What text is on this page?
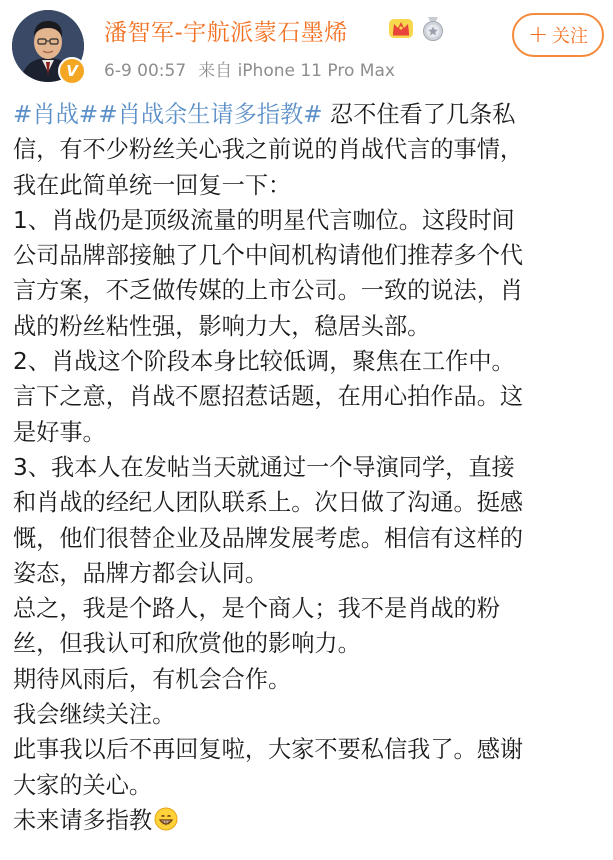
V
潘智军-宇航派蒙石墨烯
6-9 00:57 来自 iPhone 11 Pro Max
+ 关注
#肖战##肖战余生请多指教# 忍不住看了几条私
信，有不少粉丝关心我之前说的肖战代言的事情，
我在此简单统一回复一下：
1、肖战仍是顶级流量的明星代言咖位。这段时间
公司品牌部接触了几个中间机构请他们推荐多个代
言方案，不乏做传媒的上市公司。一致的说法，肖
战的粉丝粘性强，影响力大，稳居头部。
2、肖战这个阶段本身比较低调，聚焦在工作中。
言下之意，肖战不愿招惹话题，在用心拍作品。这
是好事。
3、我本人在发帖当天就通过一个导演同学，直接
和肖战的经纪人团队联系上。次日做了沟通。挺感
慨，他们很替企业及品牌发展考虑。相信有这样的
姿态，品牌方都会认同。
总之，我是个路人，是个商人；我不是肖战的粉
丝，但我认可和欣赏他的影响力。
期待风雨后，有机会合作。
我会继续关注。
此事我以后不再回复啦，大家不要私信我了。感谢
大家的关心。
未来请多指教
